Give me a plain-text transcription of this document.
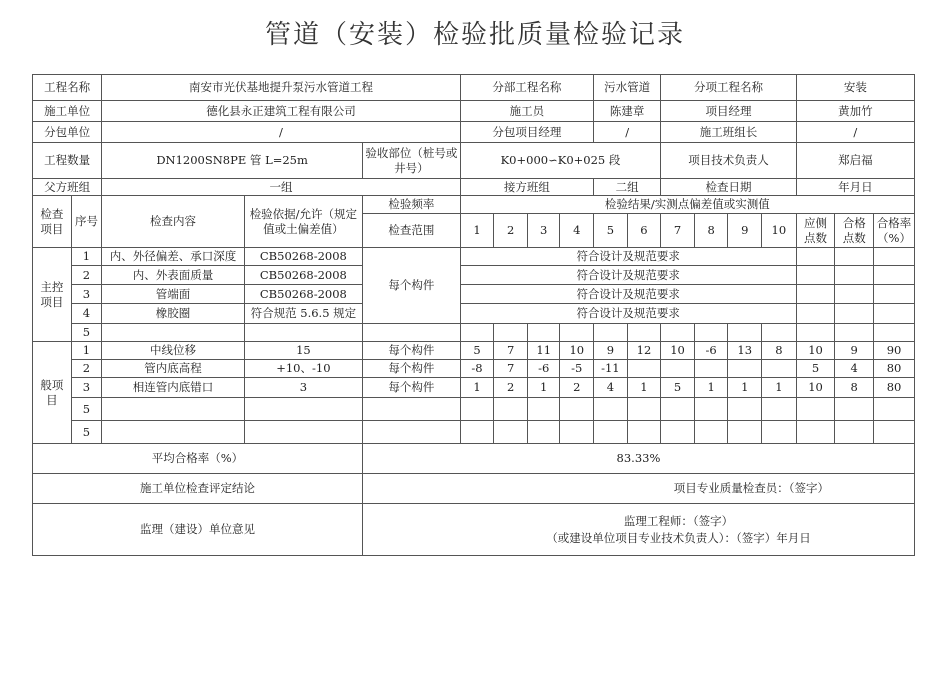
管道（安装）检验批质量检验记录
工程名称		南安市光伏基地提升泵污水管道工程			分部工程名称				污水管道		分项工程名称				安装		
施工单位		德化县永正建筑工程有限公司			施工员				陈建章		项目经理				黄加竹		
分包单位		/			分包项目经理				/		施工班组长				/		
工程数量		DN1200SN8PE 管 L=25m		验收部位（桩号或井号）	K0+000∽K0+025 段						项目技术负责人				郑启福		
父方班组		一组			接方班组				二组		检查日期				年月日		
检查项目	序号	检查内容	检验依据/允许（规定值或土偏差值）	检验频率	检验结果/实测点偏差值或实测值												
				检查范围	1	2	3	4	5	6	7	8	9	10	应侧点数	合格点数	合格率（%）
主控项目	1	内、外径偏差、承口深度	CB50268-2008	每个构件	符合设计及规范要求												
	2	内、外表面质量	CB50268-2008		符合设计及规范要求												
	3	管端面	CB50268-2008		符合设计及规范要求												
	4	橡胶圈	符合规范 5.6.5 规定		符合设计及规范要求												
	5																
般项目	1	中线位移	15	每个构件	5	7	11	10	9	12	10	-6	13	8	10	9	90
	2	管内底高程	+10、-10	每个构件	-8	7	-6	-5	-11						5	4	80
	3	相连管内底错口	3	每个构件	1	2	1	2	4	1	5	1	1	1	10	8	80
	5																
	5																
平均合格率（%）				83.33%													
施工单位检查评定结论				项目专业质量检查员：（签字）													
监理（建设）单位意见				监理工程师：（签字）
（或建设单位项目专业技术负责人）：（签字）年月日													
